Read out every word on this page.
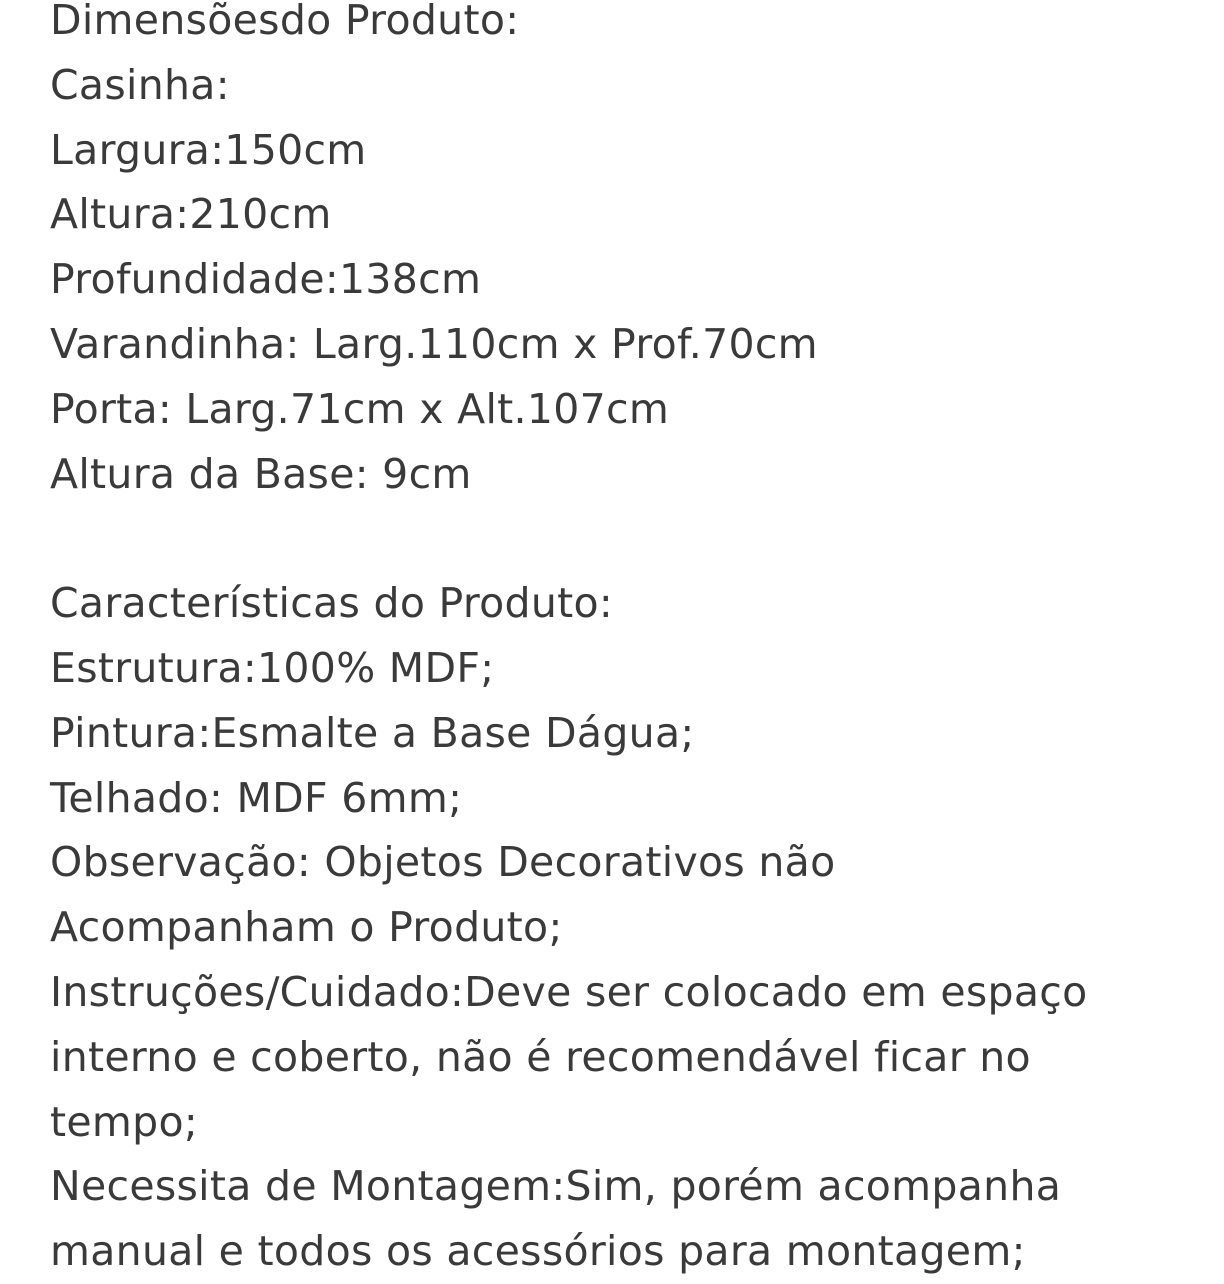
Dimensõesdo Produto:
Casinha:
Largura:150cm
Altura:210cm
Profundidade:138cm
Varandinha: Larg.110cm x Prof.70cm
Porta: Larg.71cm x Alt.107cm
Altura da Base: 9cm
Características do Produto:
Estrutura:100% MDF;
Pintura:Esmalte a Base Dágua;
Telhado: MDF 6mm;
Observação: Objetos Decorativos não
Acompanham o Produto;
Instruções/Cuidado:Deve ser colocado em espaço
interno e coberto, não é recomendável ficar no
tempo;
Necessita de Montagem:Sim, porém acompanha
manual e todos os acessórios para montagem;
